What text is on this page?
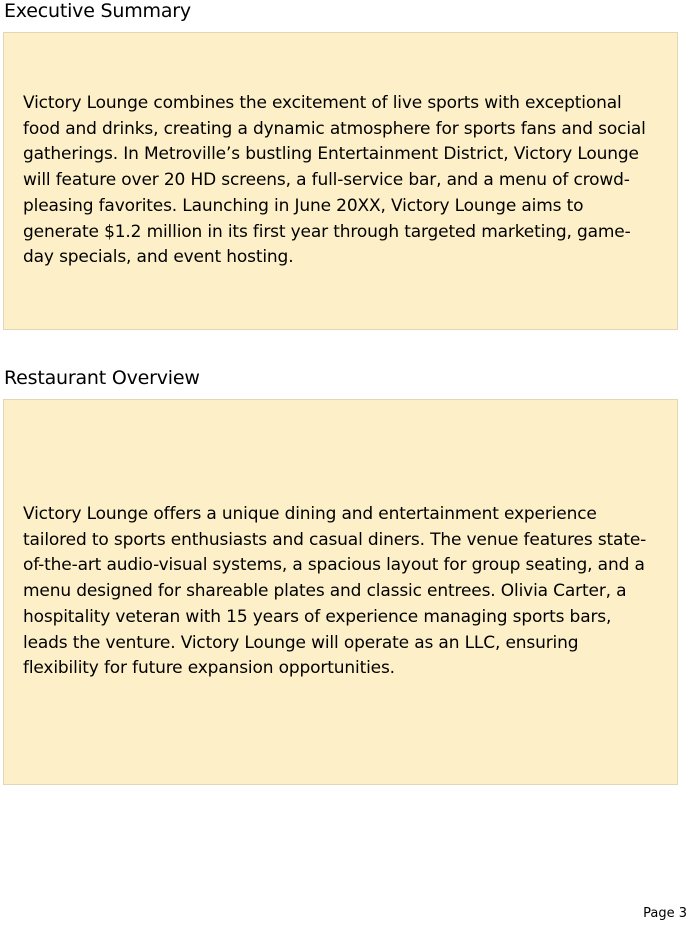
Executive Summary

Victory Lounge combines the excitement of live sports with exceptional food and drinks, creating a dynamic atmosphere for sports fans and social gatherings. In Metroville’s bustling Entertainment District, Victory Lounge will feature over 20 HD screens, a full-service bar, and a menu of crowd-pleasing favorites. Launching in June 20XX, Victory Lounge aims to generate $1.2 million in its first year through targeted marketing, game-day specials, and event hosting.

Restaurant Overview

Victory Lounge offers a unique dining and entertainment experience tailored to sports enthusiasts and casual diners. The venue features state-of-the-art audio-visual systems, a spacious layout for group seating, and a menu designed for shareable plates and classic entrees. Olivia Carter, a hospitality veteran with 15 years of experience managing sports bars, leads the venture. Victory Lounge will operate as an LLC, ensuring flexibility for future expansion opportunities.

Page 3
